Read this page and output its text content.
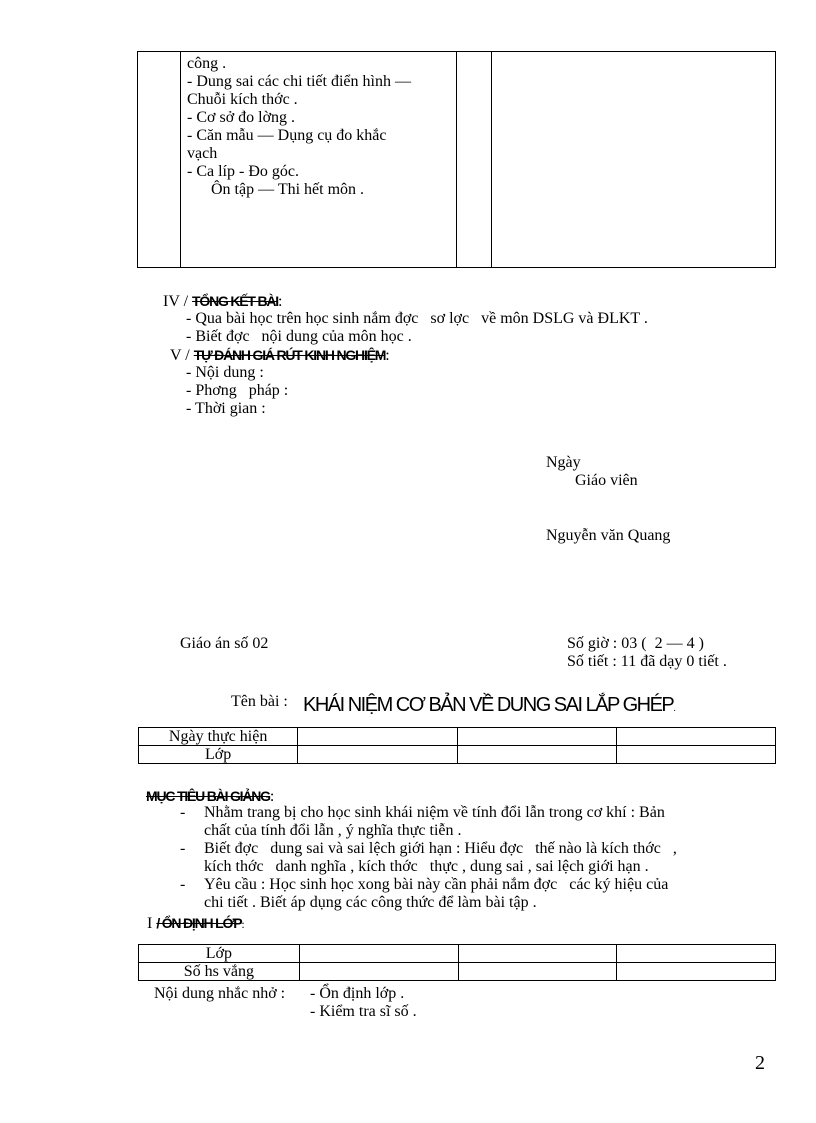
công .
- Dung sai các chi tiết điển hình —
Chuỗi kích thớc .
- Cơ sở đo lờng .
- Căn mẫu — Dụng cụ đo khắc
vạch
- Ca líp - Đo góc.
Ôn tập — Thi hết môn .
IV / TỔNG KẾT BÀI:
- Qua bài học trên học sinh nắm đợc   sơ lợc   về môn DSLG và ĐLKT .
- Biết đợc   nội dung của môn học .
V / TỰ ĐÁNH GIÁ RÚT KINH NGHIỆM:
- Nội dung :
- Phơng   pháp :
- Thời gian :
Ngày
Giáo viên
Nguyễn văn Quang
Giáo án số 02	Số giờ : 03 (  2 — 4 )
Số tiết : 11 đã dạy 0 tiết .
Tên bài : KHÁI NIỆM CƠ BẢN VỀ DUNG SAI LẮP GHÉP.
Ngày thực hiện			
Lớp			
MỤC TIÊU BÀI GIẢNG:
- Nhằm trang bị cho học sinh khái niệm về tính đổi lẫn trong cơ khí : Bản
chất của tính đổi lẫn , ý nghĩa thực tiễn .
- Biết đợc   dung sai và sai lệch giới hạn : Hiểu đợc   thế nào là kích thớc   ,
kích thớc   danh nghĩa , kích thớc   thực , dung sai , sai lệch giới hạn .
- Yêu cầu : Học sinh học xong bài này cần phải nắm đợc   các ký hiệu của
chi tiết . Biết áp dụng các công thức để làm bài tập .
I / ỔN ĐỊNH LỚP:
Lớp			
Số hs vắng			
Nội dung nhắc nhở : - Ổn định lớp .
- Kiểm tra sĩ số .
2
